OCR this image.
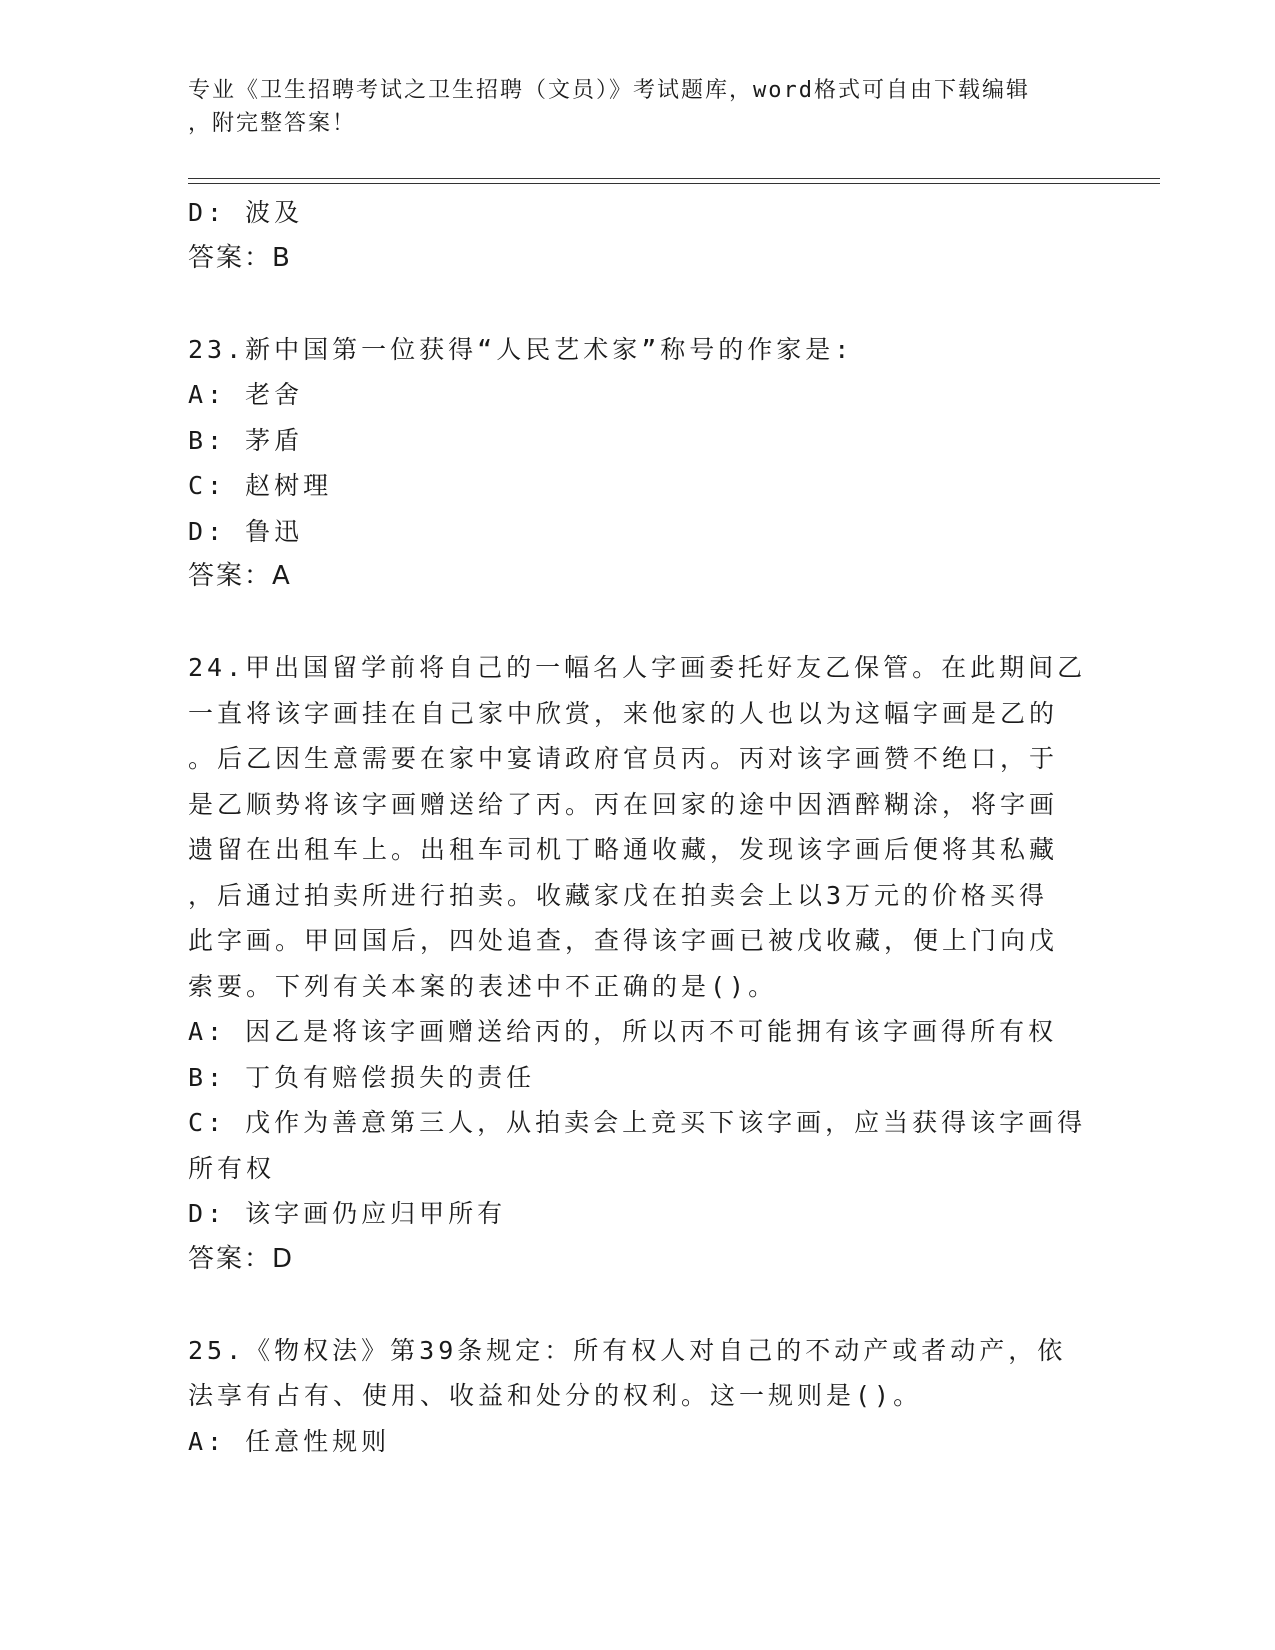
专业《卫生招聘考试之卫生招聘（文员）》考试题库，word格式可自由下载编辑
，附完整答案！
D: 波及
答案：B
23.新中国第一位获得“人民艺术家”称号的作家是:
A: 老舍
B: 茅盾
C: 赵树理
D: 鲁迅
答案：A
24.甲出国留学前将自己的一幅名人字画委托好友乙保管。在此期间乙
一直将该字画挂在自己家中欣赏，来他家的人也以为这幅字画是乙的
。后乙因生意需要在家中宴请政府官员丙。丙对该字画赞不绝口，于
是乙顺势将该字画赠送给了丙。丙在回家的途中因酒醉糊涂，将字画
遗留在出租车上。出租车司机丁略通收藏，发现该字画后便将其私藏
，后通过拍卖所进行拍卖。收藏家戊在拍卖会上以3万元的价格买得
此字画。甲回国后，四处追查，查得该字画已被戊收藏，便上门向戊
索要。下列有关本案的表述中不正确的是()。
A: 因乙是将该字画赠送给丙的，所以丙不可能拥有该字画得所有权
B: 丁负有赔偿损失的责任
C: 戊作为善意第三人，从拍卖会上竞买下该字画，应当获得该字画得
所有权
D: 该字画仍应归甲所有
答案：D
25.《物权法》第39条规定：所有权人对自己的不动产或者动产，依
法享有占有、使用、收益和处分的权利。这一规则是()。
A: 任意性规则
